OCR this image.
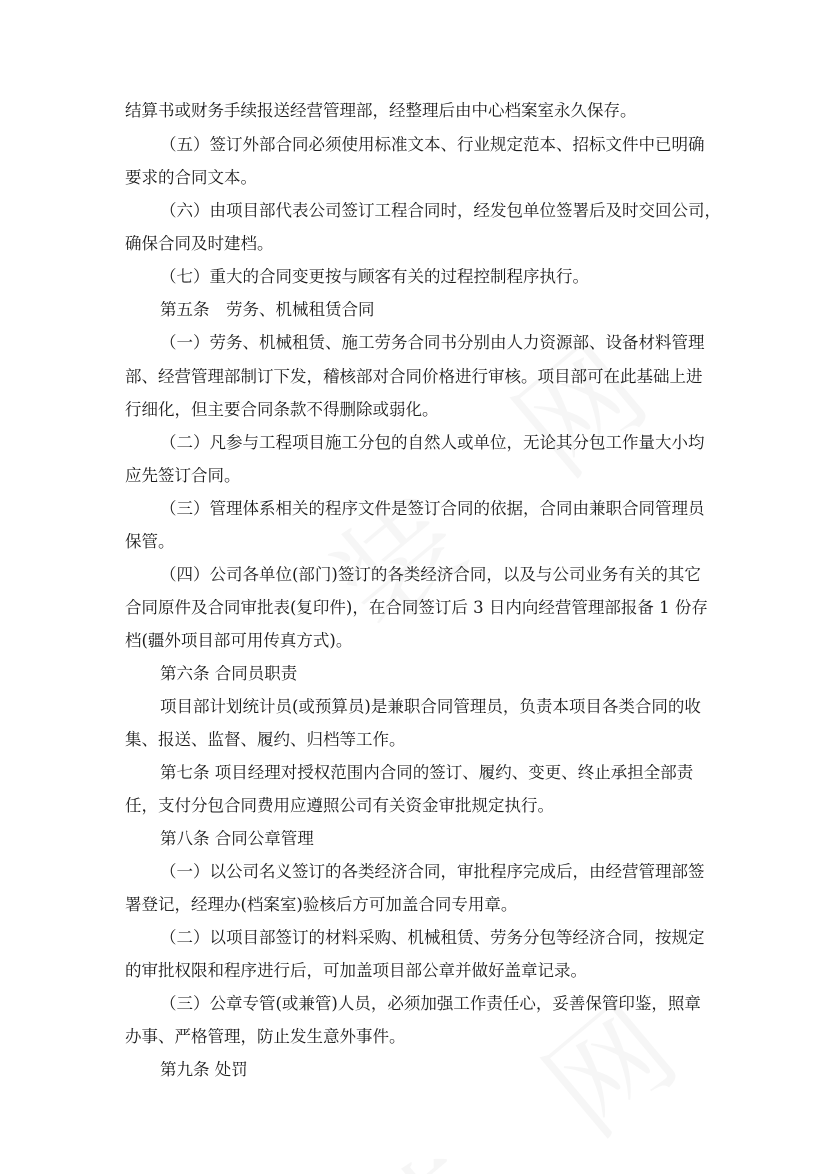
结算书或财务手续报送经营管理部，经整理后由中心档案室永久保存。
（五）签订外部合同必须使用标准文本、行业规定范本、招标文件中已明确
要求的合同文本。
（六）由项目部代表公司签订工程合同时，经发包单位签署后及时交回公司，
确保合同及时建档。
（七）重大的合同变更按与顾客有关的过程控制程序执行。
第五条　劳务、机械租赁合同
（一）劳务、机械租赁、施工劳务合同书分别由人力资源部、设备材料管理
部、经营管理部制订下发，稽核部对合同价格进行审核。项目部可在此基础上进
行细化，但主要合同条款不得删除或弱化。
（二）凡参与工程项目施工分包的自然人或单位，无论其分包工作量大小均
应先签订合同。
（三）管理体系相关的程序文件是签订合同的依据，合同由兼职合同管理员
保管。
（四）公司各单位(部门)签订的各类经济合同，以及与公司业务有关的其它
合同原件及合同审批表(复印件)，在合同签订后 3 日内向经营管理部报备 1 份存
档(疆外项目部可用传真方式)。
第六条 合同员职责
项目部计划统计员(或预算员)是兼职合同管理员，负责本项目各类合同的收
集、报送、监督、履约、归档等工作。
第七条 项目经理对授权范围内合同的签订、履约、变更、终止承担全部责
任，支付分包合同费用应遵照公司有关资金审批规定执行。
第八条 合同公章管理
（一）以公司名义签订的各类经济合同，审批程序完成后，由经营管理部签
署登记，经理办(档案室)验核后方可加盖合同专用章。
（二）以项目部签订的材料采购、机械租赁、劳务分包等经济合同，按规定
的审批权限和程序进行后，可加盖项目部公章并做好盖章记录。
（三）公章专管(或兼管)人员，必须加强工作责任心，妥善保管印鉴，照章
办事、严格管理，防止发生意外事件。
第九条 处罚
